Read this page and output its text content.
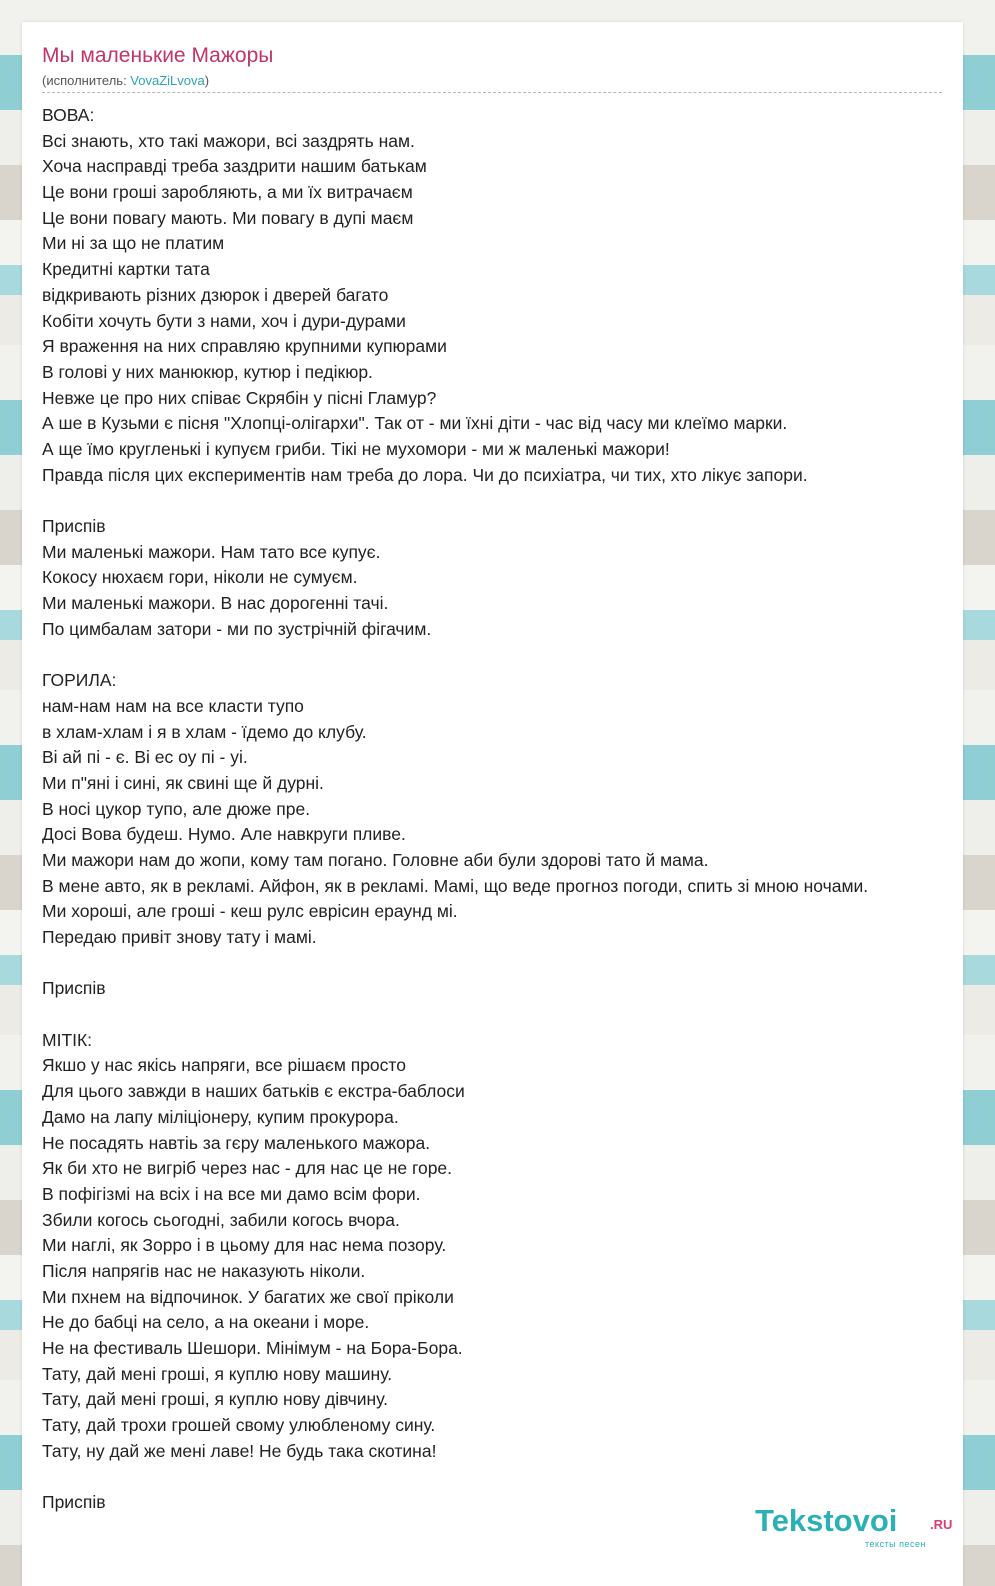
Мы маленькие Мажоры
(исполнитель: VovaZiLvova)
ВОВА:
Всі знають, хто такі мажори, всі заздрять нам.
Хоча насправді треба заздрити нашим батькам
Це вони гроші заробляють, а ми їх витрачаєм
Це вони повагу мають. Ми повагу в дупі маєм
Ми ні за що не платим
Кредитні картки тата
відкривають різних дзюрок і дверей багато
Кобіти хочуть бути з нами, хоч і дури-дурами
Я враження на них справляю крупними купюрами
В голові у них манюкюр, кутюр і педікюр.
Невже це про них співає Скрябін у пісні Гламур?
А ше в Кузьми є пісня "Хлопці-олігархи". Так от - ми їхні діти - час від часу ми клеїмо марки.
А ще їмо кругленькі і купуєм гриби. Тікі не мухомори - ми ж маленькі мажори!
Правда після цих експериментів нам треба до лора. Чи до психіатра, чи тих, хто лікує запори.
Приспів
Ми маленькі мажори. Нам тато все купує.
Кокосу нюхаєм гори, ніколи не сумуєм.
Ми маленькі мажори. В нас дорогенні тачі.
По цимбалам затори - ми по зустрічній фігачим.
ГОРИЛА:
нам-нам нам на все класти тупо
в хлам-хлам і я в хлам - їдемо до клубу.
Ві ай пі - є. Ві ес оу пі - уі.
Ми п"яні і сині, як свині ще й дурні.
В носі цукор тупо, але дюже пре.
Досі Вова будеш. Нумо. Але навкруги пливе.
Ми мажори нам до жопи, кому там погано. Головне аби були здорові тато й мама.
В мене авто, як в рекламі. Айфон, як в рекламі. Мамі, що веде прогноз погоди, спить зі мною ночами.
Ми хороші, але гроші - кеш рулс еврісин ераунд мі.
Передаю привіт знову тату і мамі.
Приспів
МІТІК:
Якшо у нас якісь напряги, все рішаєм просто
Для цього завжди в наших батьків є екстра-баблоси
Дамо на лапу міліціонеру, купим прокурора.
Не посадять навтіь за гєру маленького мажора.
Як би хто не вигріб через нас - для нас це не горе.
В пофігізмі на всіх і на все ми дамо всім фори.
Збили когось сьогодні, забили когось вчора.
Ми наглі, як Зорро і в цьому для нас нема позору.
Після напрягів нас не наказують ніколи.
Ми пхнем на відпочинок. У багатих же свої пріколи
Не до бабці на село, а на океани і море.
Не на фестиваль Шешори. Мінімум - на Бора-Бора.
Тату, дай мені гроші, я куплю нову машину.
Тату, дай мені гроші, я куплю нову дівчину.
Тату, дай трохи грошей свому улюбленому сину.
Тату, ну дай же мені лаве! Не будь така скотина!
Приспів
Tekstovoi	.RU
тексты песен
